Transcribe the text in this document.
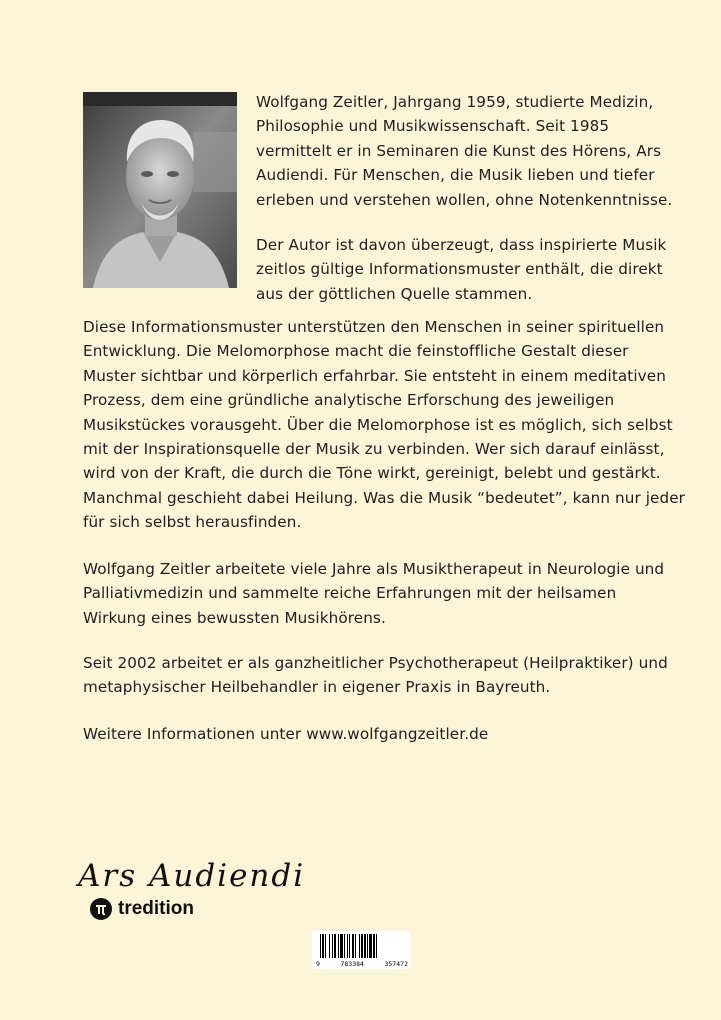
Wolfgang Zeitler, Jahrgang 1959, studierte Medizin,
Philosophie und Musikwissenschaft. Seit 1985
vermittelt er in Seminaren die Kunst des Hörens, Ars
Audiendi. Für Menschen, die Musik lieben und tiefer
erleben und verstehen wollen, ohne Notenkenntnisse.

Der Autor ist davon überzeugt, dass inspirierte Musik
zeitlos gültige Informationsmuster enthält, die direkt
aus der göttlichen Quelle stammen.

Diese Informationsmuster unterstützen den Menschen in seiner spirituellen
Entwicklung. Die Melomorphose macht die feinstoffliche Gestalt dieser
Muster sichtbar und körperlich erfahrbar. Sie entsteht in einem meditativen
Prozess, dem eine gründliche analytische Erforschung des jeweiligen
Musikstückes vorausgeht. Über die Melomorphose ist es möglich, sich selbst
mit der Inspirationsquelle der Musik zu verbinden. Wer sich darauf einlässt,
wird von der Kraft, die durch die Töne wirkt, gereinigt, belebt und gestärkt.
Manchmal geschieht dabei Heilung. Was die Musik “bedeutet”, kann nur jeder
für sich selbst herausfinden.

Wolfgang Zeitler arbeitete viele Jahre als Musiktherapeut in Neurologie und
Palliativmedizin und sammelte reiche Erfahrungen mit der heilsamen
Wirkung eines bewussten Musikhörens.

Seit 2002 arbeitet er als ganzheitlicher Psychotherapeut (Heilpraktiker) und
metaphysischer Heilbehandler in eigener Praxis in Bayreuth.

Weitere Informationen unter www.wolfgangzeitler.de

Ars Audiendi
tredition
9	783384	357472
